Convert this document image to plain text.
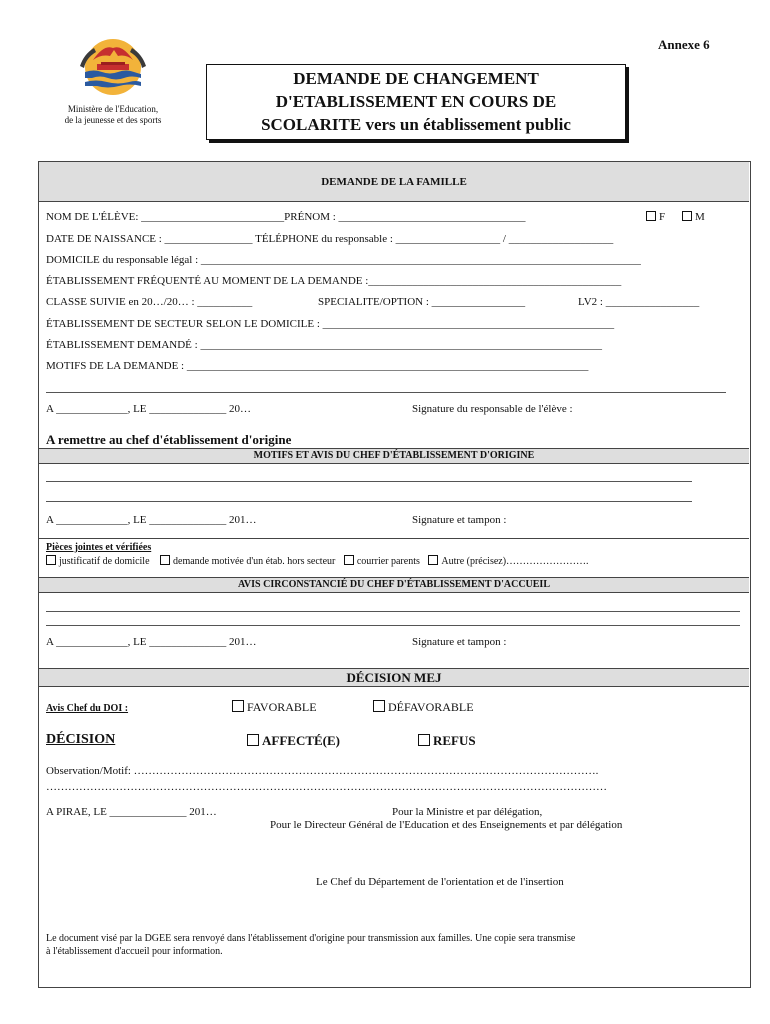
Annexe 6
Ministère de l'Education,
de la jeunesse et des sports
DEMANDE DE CHANGEMENT
D'ETABLISSEMENT EN COURS DE
SCOLARITE vers un établissement public
DEMANDE DE LA FAMILLE
NOM DE L'ÉLÈVE: __________________________PRÉNOM : __________________________________	F	M
DATE DE NAISSANCE : ________________ TÉLÉPHONE du responsable : ___________________ / ___________________
DOMICILE du responsable légal : ________________________________________________________________________________
ÉTABLISSEMENT FRÉQUENTÉ AU MOMENT DE LA DEMANDE :______________________________________________
CLASSE SUIVIE en 20…/20… : __________	SPECIALITE/OPTION : _________________	LV2 : _________________
ÉTABLISSEMENT DE SECTEUR SELON LE DOMICILE : _____________________________________________________
ÉTABLISSEMENT DEMANDÉ : _________________________________________________________________________
MOTIFS DE LA DEMANDE : _________________________________________________________________________
A _____________, LE ______________ 20…	Signature du responsable de l'élève :
A remettre au chef d'établissement d'origine
MOTIFS ET AVIS DU CHEF D'ÉTABLISSEMENT D'ORIGINE
A _____________, LE ______________ 201…	Signature et tampon :
Pièces jointes et vérifiées
justificatif de domicile demande motivée d'un étab. hors secteur courrier parents Autre (précisez)…………………….
AVIS CIRCONSTANCIÉ DU CHEF D'ÉTABLISSEMENT D'ACCUEIL
A _____________, LE ______________ 201…	Signature et tampon :
DÉCISION MEJ
Avis Chef du DOI :	FAVORABLE	DÉFAVORABLE
DÉCISION	AFFECTÉ(E)	REFUS
Observation/Motif: ……………………………………………………………………………………………………………….
………………………………………………………………………………………………………………………………………
A PIRAE, LE ______________ 201…	Pour la Ministre et par délégation,
Pour le Directeur Général de l'Education et des Enseignements et par délégation
Le Chef du Département de l'orientation et de l'insertion
Le document visé par la DGEE sera renvoyé dans l'établissement d'origine pour transmission aux familles. Une copie sera transmise
à l'établissement d'accueil pour information.
